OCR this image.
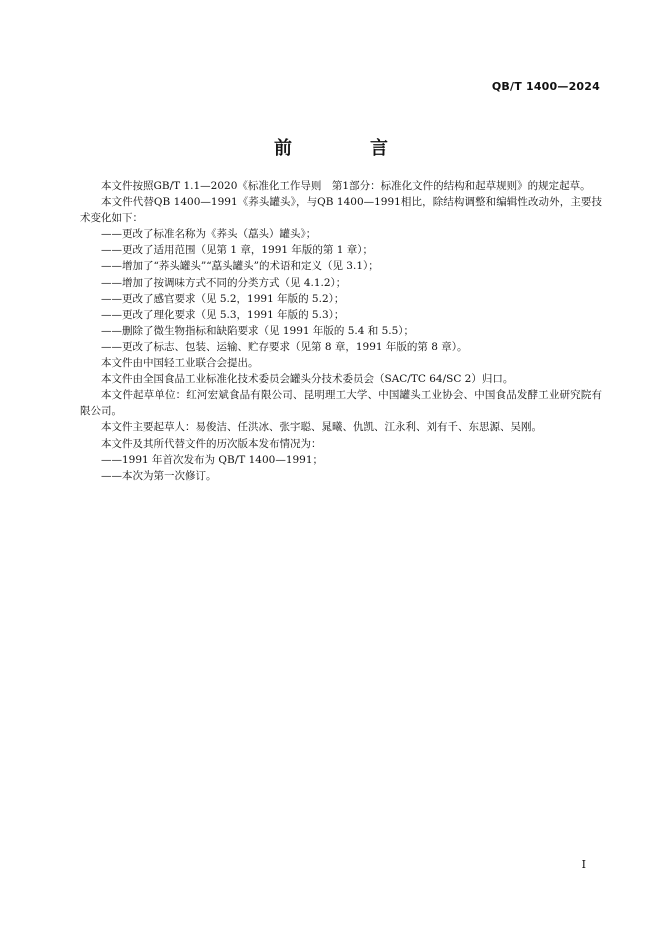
QB/T 1400—2024
前　言

本文件按照GB/T 1.1—2020《标准化工作导则　第1部分：标准化文件的结构和起草规则》的规定起草。

本文件代替QB 1400—1991《荞头罐头》，与QB 1400—1991相比，除结构调整和编辑性改动外，主要技术变化如下：

——更改了标准名称为《荞头（藠头）罐头》；

——更改了适用范围（见第 1 章，1991 年版的第 1 章）；

——增加了“荞头罐头”“藠头罐头”的术语和定义（见 3.1）；

——增加了按调味方式不同的分类方式（见 4.1.2）；

——更改了感官要求（见 5.2，1991 年版的 5.2）；

——更改了理化要求（见 5.3，1991 年版的 5.3）；

——删除了微生物指标和缺陷要求（见 1991 年版的 5.4 和 5.5）；

——更改了标志、包装、运输、贮存要求（见第 8 章，1991 年版的第 8 章）。

本文件由中国轻工业联合会提出。

本文件由全国食品工业标准化技术委员会罐头分技术委员会（SAC/TC 64/SC 2）归口。

本文件起草单位：红河宏斌食品有限公司、昆明理工大学、中国罐头工业协会、中国食品发酵工业研究院有限公司。

本文件主要起草人：易俊洁、任洪冰、张宇聪、晁曦、仇凯、江永利、刘有千、东思源、吴刚。

本文件及其所代替文件的历次版本发布情况为：

——1991 年首次发布为 QB/T 1400—1991；

——本次为第一次修订。

I
